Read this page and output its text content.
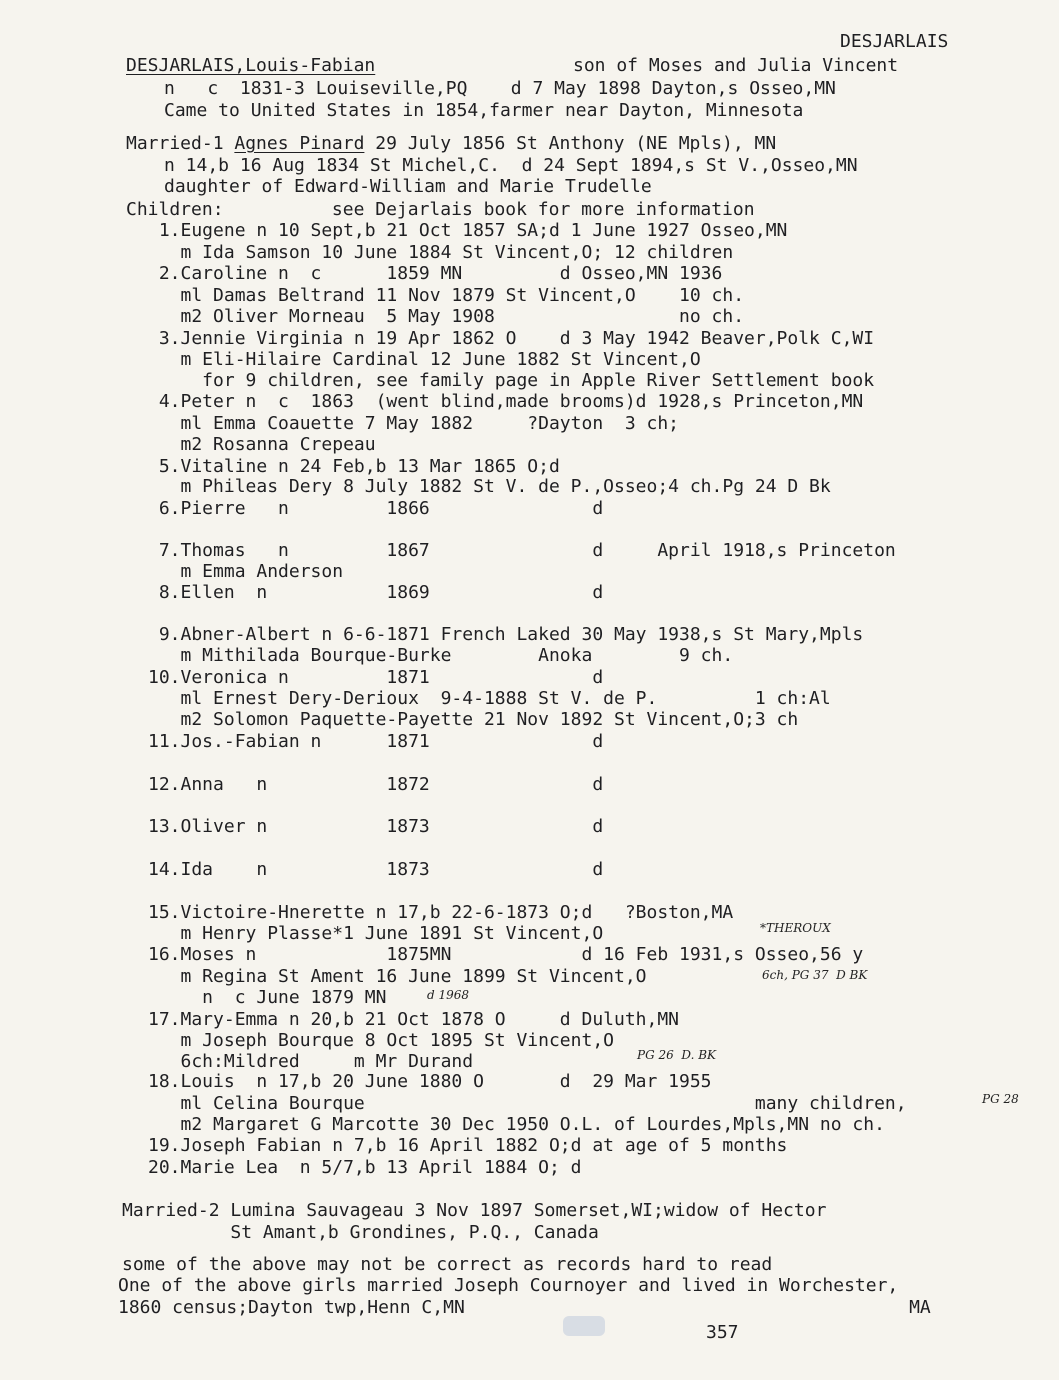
DESJARLAIS
DESJARLAIS,Louis-Fabian	son of Moses and Julia Vincent
n   c  1831-3 Louiseville,PQ    d 7 May 1898 Dayton,s Osseo,MN
Came to United States in 1854,farmer near Dayton, Minnesota
Married-1 Agnes Pinard 29 July 1856 St Anthony (NE Mpls), MN
n 14,b 16 Aug 1834 St Michel,C.  d 24 Sept 1894,s St V.,Osseo,MN
daughter of Edward-William and Marie Trudelle
Children:          see Dejarlais book for more information
1.Eugene n 10 Sept,b 21 Oct 1857 SA;d 1 June 1927 Osseo,MN
m Ida Samson 10 June 1884 St Vincent,O; 12 children
2.Caroline n  c      1859 MN         d Osseo,MN 1936
ml Damas Beltrand 11 Nov 1879 St Vincent,O    10 ch.
m2 Oliver Morneau  5 May 1908                 no ch.
3.Jennie Virginia n 19 Apr 1862 O    d 3 May 1942 Beaver,Polk C,WI
m Eli-Hilaire Cardinal 12 June 1882 St Vincent,O
for 9 children, see family page in Apple River Settlement book
4.Peter n  c  1863  (went blind,made brooms)d 1928,s Princeton,MN
ml Emma Coauette 7 May 1882     ?Dayton  3 ch;
m2 Rosanna Crepeau
5.Vitaline n 24 Feb,b 13 Mar 1865 O;d
m Phileas Dery 8 July 1882 St V. de P.,Osseo;4 ch.Pg 24 D Bk
6.Pierre   n         1866               d
7.Thomas   n         1867               d     April 1918,s Princeton
m Emma Anderson
8.Ellen  n           1869               d
9.Abner-Albert n 6-6-1871 French Laked 30 May 1938,s St Mary,Mpls
m Mithilada Bourque-Burke        Anoka        9 ch.
10.Veronica n         1871               d
ml Ernest Dery-Derioux  9-4-1888 St V. de P.         1 ch:Al
m2 Solomon Paquette-Payette 21 Nov 1892 St Vincent,O;3 ch
11.Jos.-Fabian n      1871               d
12.Anna   n           1872               d
13.Oliver n           1873               d
14.Ida    n           1873               d
15.Victoire-Hnerette n 17,b 22-6-1873 O;d   ?Boston,MA
m Henry Plasse*1 June 1891 St Vincent,O
16.Moses n            1875MN            d 16 Feb 1931,s Osseo,56 y
m Regina St Ament 16 June 1899 St Vincent,O
n  c June 1879 MN
17.Mary-Emma n 20,b 21 Oct 1878 O     d Duluth,MN
m Joseph Bourque 8 Oct 1895 St Vincent,O
6ch:Mildred     m Mr Durand
18.Louis  n 17,b 20 June 1880 O       d  29 Mar 1955
ml Celina Bourque                                    many children,
m2 Margaret G Marcotte 30 Dec 1950 O.L. of Lourdes,Mpls,MN no ch.
19.Joseph Fabian n 7,b 16 April 1882 O;d at age of 5 months
20.Marie Lea  n 5/7,b 13 April 1884 O; d
*THEROUX
6ch, PG 37  D BK
d 1968
PG 26  D. BK
PG 28
Married-2 Lumina Sauvageau 3 Nov 1897 Somerset,WI;widow of Hector
St Amant,b Grondines, P.Q., Canada
some of the above may not be correct as records hard to read
One of the above girls married Joseph Cournoyer and lived in Worchester,
1860 census;Dayton twp,Henn C,MN                                         MA
357
